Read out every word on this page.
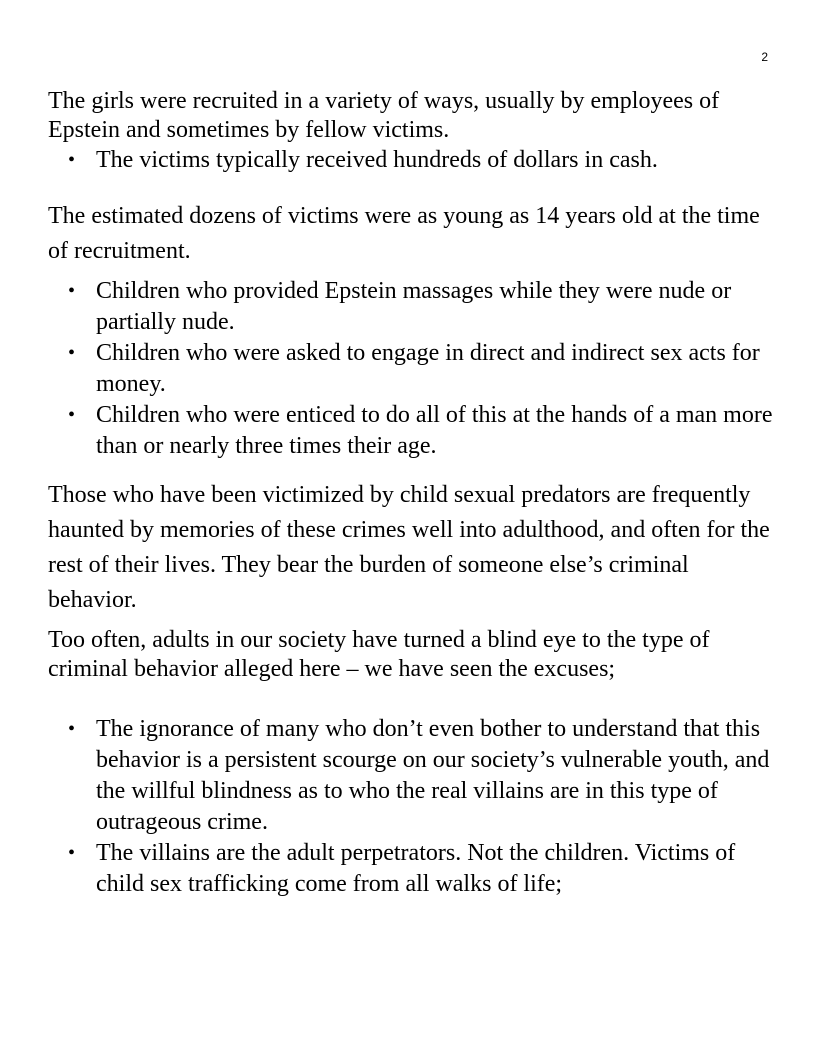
2

The girls were recruited in a variety of ways, usually by employees of Epstein and sometimes by fellow victims.

• The victims typically received hundreds of dollars in cash.

The estimated dozens of victims were as young as 14 years old at the time of recruitment.

• Children who provided Epstein massages while they were nude or partially nude.
• Children who were asked to engage in direct and indirect sex acts for money.
• Children who were enticed to do all of this at the hands of a man more than or nearly three times their age.

Those who have been victimized by child sexual predators are frequently haunted by memories of these crimes well into adulthood, and often for the rest of their lives. They bear the burden of someone else’s criminal behavior.

Too often, adults in our society have turned a blind eye to the type of criminal behavior alleged here – we have seen the excuses;

• The ignorance of many who don’t even bother to understand that this behavior is a persistent scourge on our society’s vulnerable youth, and the willful blindness as to who the real villains are in this type of outrageous crime.
• The villains are the adult perpetrators. Not the children. Victims of child sex trafficking come from all walks of life;
